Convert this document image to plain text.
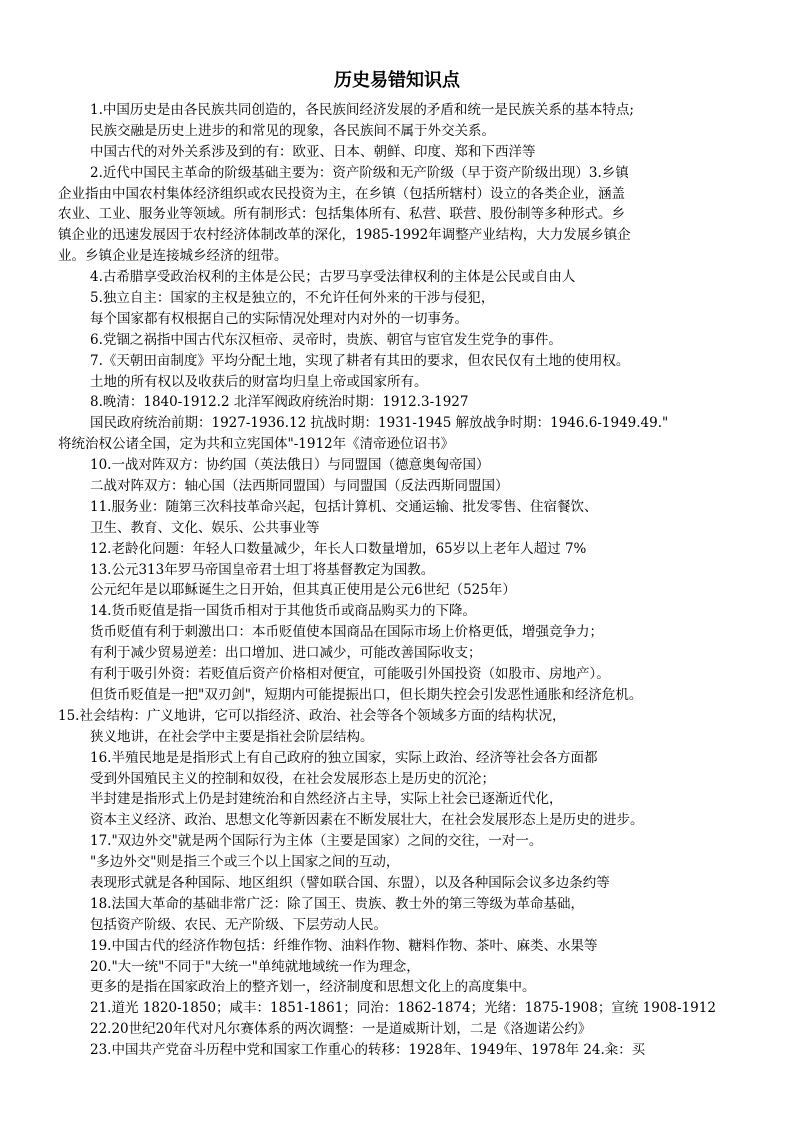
历史易错知识点
1.中国历史是由各民族共同创造的，各民族间经济发展的矛盾和统一是民族关系的基本特点;
民族交融是历史上进步的和常见的现象，各民族间不属于外交关系。
中国古代的对外关系涉及到的有：欧亚、日本、朝鲜、印度、郑和下西洋等
2.近代中国民主革命的阶级基础主要为：资产阶级和无产阶级（早于资产阶级出现）3.乡镇
企业指由中国农村集体经济组织或农民投资为主，在乡镇（包括所辖村）设立的各类企业，涵盖
农业、工业、服务业等领域。所有制形式：包括集体所有、私营、联营、股份制等多种形式。乡
镇企业的迅速发展因于农村经济体制改革的深化，1985-1992年调整产业结构，大力发展乡镇企
业。乡镇企业是连接城乡经济的纽带。
4.古希腊享受政治权利的主体是公民；古罗马享受法律权利的主体是公民或自由人
5.独立自主：国家的主权是独立的，不允许任何外来的干涉与侵犯，
每个国家都有权根据自己的实际情况处理对内对外的一切事务。
6.党锢之祸指中国古代东汉桓帝、灵帝时，贵族、朝官与宦官发生党争的事件。
7.《天朝田亩制度》平均分配土地，实现了耕者有其田的要求，但农民仅有土地的使用权。
土地的所有权以及收获后的财富均归皇上帝或国家所有。
8.晚清：1840-1912.2 北洋军阀政府统治时期：1912.3-1927
国民政府统治前期：1927-1936.12 抗战时期：1931-1945 解放战争时期：1946.6-1949.49."
将统治权公诸全国，定为共和立宪国体"-1912年《清帝逊位诏书》
10.一战对阵双方：协约国（英法俄日）与同盟国（德意奥匈帝国）
二战对阵双方：轴心国（法西斯同盟国）与同盟国（反法西斯同盟国）
11.服务业：随第三次科技革命兴起，包括计算机、交通运输、批发零售、住宿餐饮、
卫生、教育、文化、娱乐、公共事业等
12.老龄化问题：年轻人口数量减少，年长人口数量增加，65岁以上老年人超过 7%
13.公元313年罗马帝国皇帝君士坦丁将基督教定为国教。
公元纪年是以耶稣诞生之日开始，但其真正使用是公元6世纪（525年）
14.货币贬值是指一国货币相对于其他货币或商品购买力的下降。
货币贬值有利于刺激出口：本币贬值使本国商品在国际市场上价格更低，增强竞争力；
有利于减少贸易逆差：出口增加、进口减少，可能改善国际收支；
有利于吸引外资：若贬值后资产价格相对便宜，可能吸引外国投资（如股市、房地产）。
但货币贬值是一把"双刃剑"，短期内可能提振出口，但长期失控会引发恶性通胀和经济危机。
15.社会结构：广义地讲，它可以指经济、政治、社会等各个领域多方面的结构状况，
狭义地讲，在社会学中主要是指社会阶层结构。
16.半殖民地是是指形式上有自己政府的独立国家，实际上政治、经济等社会各方面都
受到外国殖民主义的控制和奴役，在社会发展形态上是历史的沉沦；
半封建是指形式上仍是封建统治和自然经济占主导，实际上社会已逐渐近代化，
资本主义经济、政治、思想文化等新因素在不断发展壮大，在社会发展形态上是历史的进步。
17."双边外交"就是两个国际行为主体（主要是国家）之间的交往，一对一。
"多边外交"则是指三个或三个以上国家之间的互动，
表现形式就是各种国际、地区组织（譬如联合国、东盟），以及各种国际会议多边条约等
18.法国大革命的基础非常广泛：除了国王、贵族、教士外的第三等级为革命基础，
包括资产阶级、农民、无产阶级、下层劳动人民。
19.中国古代的经济作物包括：纤维作物、油料作物、糖料作物、茶叶、麻类、水果等
20."大一统"不同于"大统一"单纯就地域统一作为理念，
更多的是指在国家政治上的整齐划一，经济制度和思想文化上的高度集中。
21.道光 1820-1850；咸丰：1851-1861；同治：1862-1874；光绪：1875-1908；宣统 1908-1912
22.20世纪20年代对凡尔赛体系的两次调整：一是道威斯计划，二是《洛迦诺公约》
23.中国共产党奋斗历程中党和国家工作重心的转移：1928年、1949年、1978年 24.籴：买
